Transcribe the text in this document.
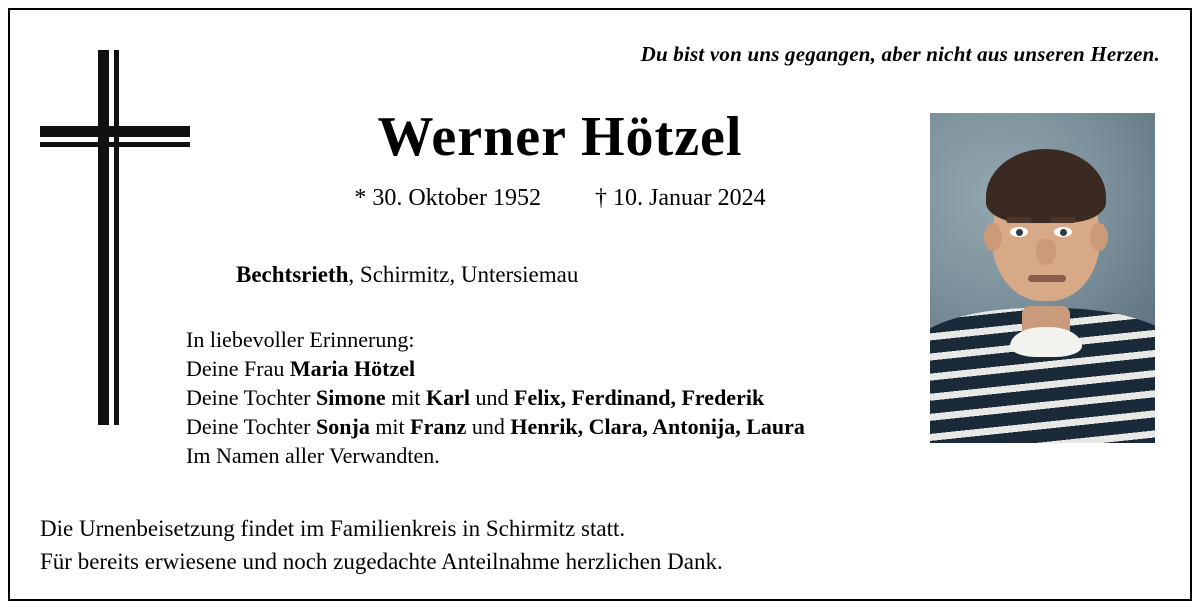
Du bist von uns gegangen, aber nicht aus unseren Herzen.
Werner Hötzel
* 30. Oktober 1952 † 10. Januar 2024
Bechtsrieth, Schirmitz, Untersiemau
In liebevoller Erinnerung:
Deine Frau Maria Hötzel
Deine Tochter Simone mit Karl und Felix, Ferdinand, Frederik
Deine Tochter Sonja mit Franz und Henrik, Clara, Antonija, Laura
Im Namen aller Verwandten.
Die Urnenbeisetzung findet im Familienkreis in Schirmitz statt.
Für bereits erwiesene und noch zugedachte Anteilnahme herzlichen Dank.
